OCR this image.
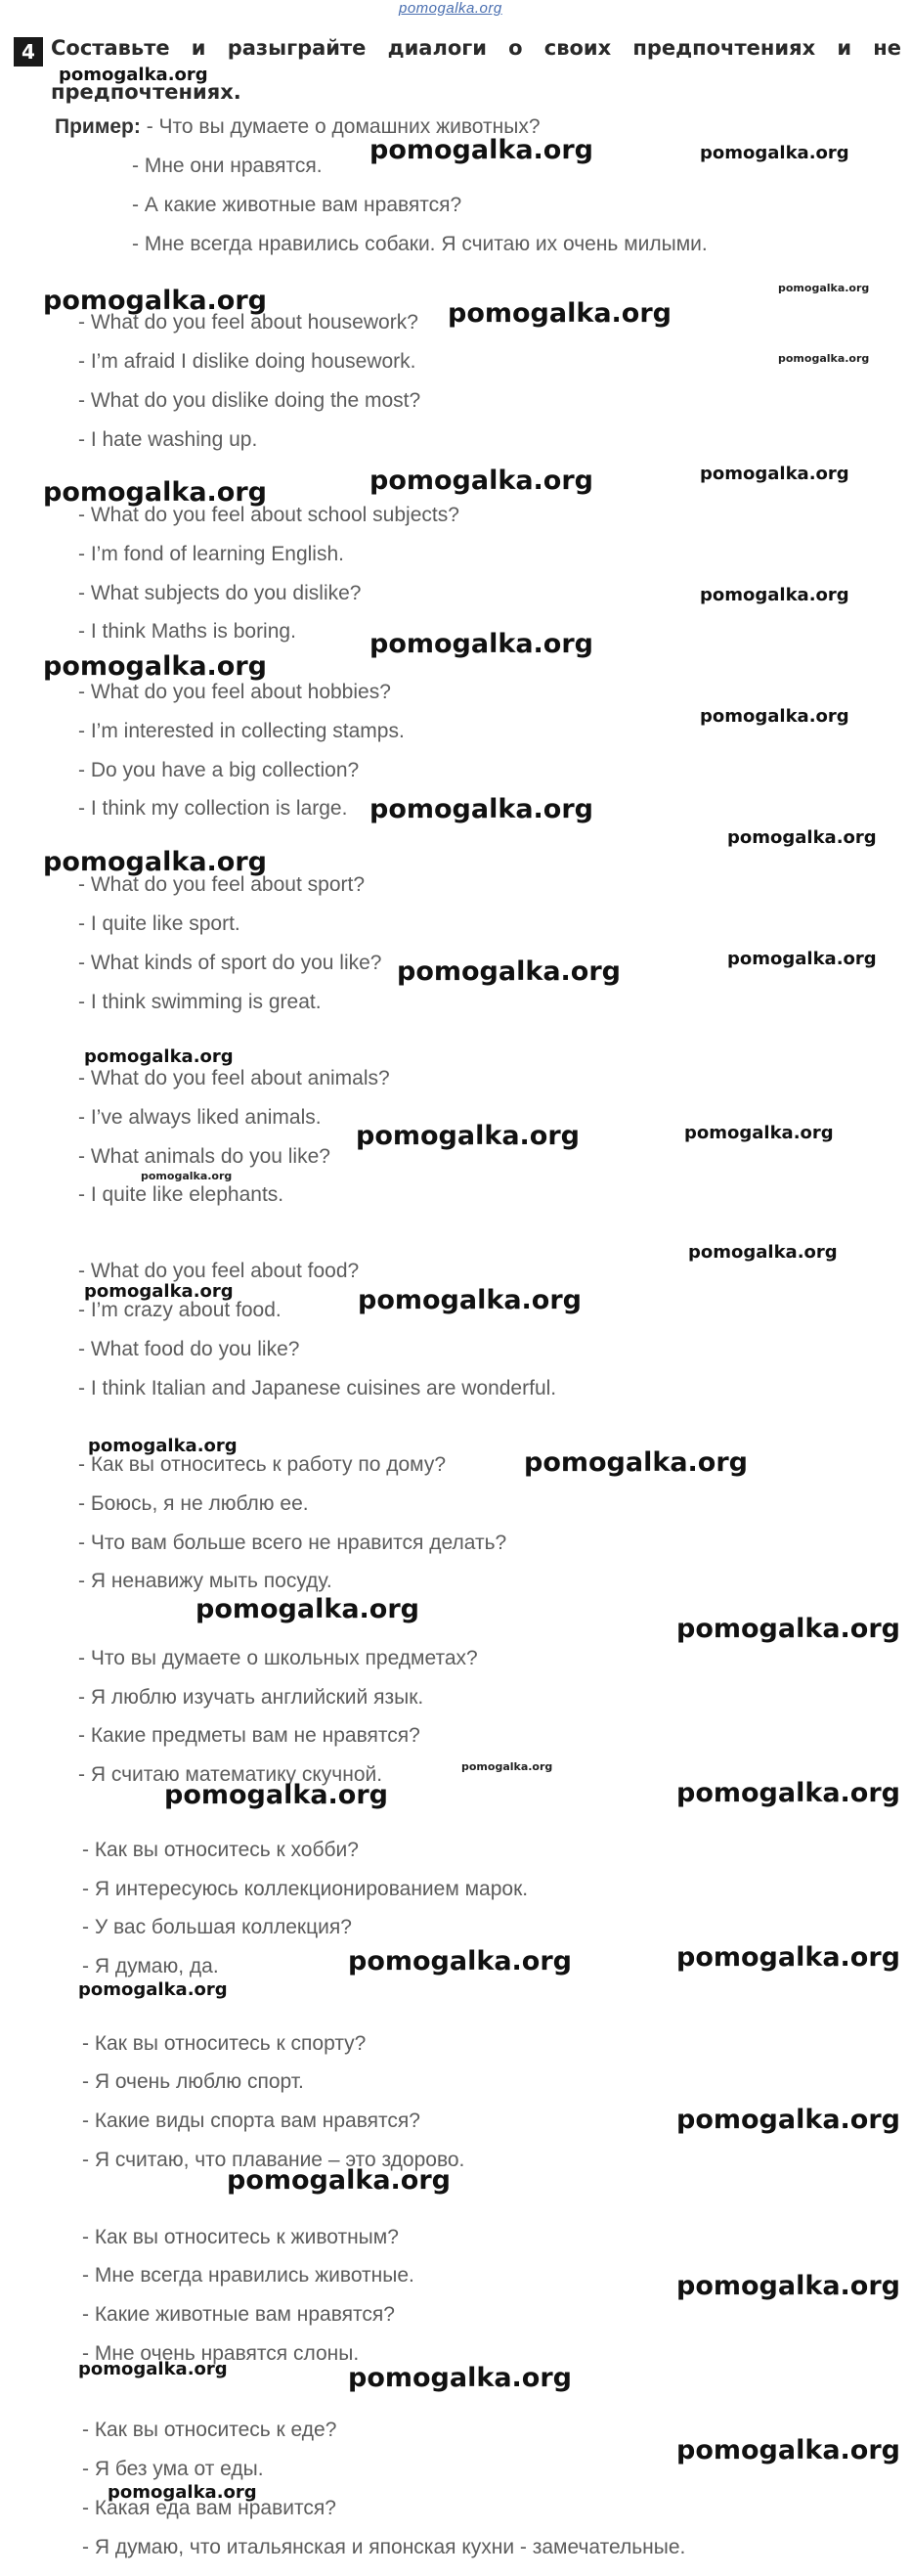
pomogalka.org
4 Составьте и разыграйте диалоги о своих предпочтениях и не
предпочтениях.
Пример: - Что вы думаете о домашних животных?
- Мне они нравятся.
- А какие животные вам нравятся?
- Мне всегда нравились собаки. Я считаю их очень милыми.
- What do you feel about housework?
- I’m afraid I dislike doing housework.
- What do you dislike doing the most?
- I hate washing up.
- What do you feel about school subjects?
- I’m fond of learning English.
- What subjects do you dislike?
- I think Maths is boring.
- What do you feel about hobbies?
- I’m interested in collecting stamps.
- Do you have a big collection?
- I think my collection is large.
- What do you feel about sport?
- I quite like sport.
- What kinds of sport do you like?
- I think swimming is great.
- What do you feel about animals?
- I’ve always liked animals.
- What animals do you like?
- I quite like elephants.
- What do you feel about food?
- I’m crazy about food.
- What food do you like?
- I think Italian and Japanese cuisines are wonderful.
- Как вы относитесь к работу по дому?
- Боюсь, я не люблю ее.
- Что вам больше всего не нравится делать?
- Я ненавижу мыть посуду.
- Что вы думаете о школьных предметах?
- Я люблю изучать английский язык.
- Какие предметы вам не нравятся?
- Я считаю математику скучной.
- Как вы относитесь к хобби?
- Я интересуюсь коллекционированием марок.
- У вас большая коллекция?
- Я думаю, да.
- Как вы относитесь к спорту?
- Я очень люблю спорт.
- Какие виды спорта вам нравятся?
- Я считаю, что плавание – это здорово.
- Как вы относитесь к животным?
- Мне всегда нравились животные.
- Какие животные вам нравятся?
- Мне очень нравятся слоны.
- Как вы относитесь к еде?
- Я без ума от еды.
- Какая еда вам нравится?
- Я думаю, что итальянская и японская кухни - замечательные.
pomogalka.org
pomogalka.org	pomogalka.org
pomogalka.org	pomogalka.org
pomogalka.org
pomogalka.org
pomogalka.org	pomogalka.org	pomogalka.org
pomogalka.org
pomogalka.org
pomogalka.org
pomogalka.org
pomogalka.org
pomogalka.org
pomogalka.org
pomogalka.org
pomogalka.org
pomogalka.org
pomogalka.org	pomogalka.org
pomogalka.org
pomogalka.org
pomogalka.org	pomogalka.org
pomogalka.org
pomogalka.org
pomogalka.org
pomogalka.org
pomogalka.org
pomogalka.org	pomogalka.org
pomogalka.org	pomogalka.org
pomogalka.org
pomogalka.org
pomogalka.org
pomogalka.org
pomogalka.org	pomogalka.org
pomogalka.org
pomogalka.org
